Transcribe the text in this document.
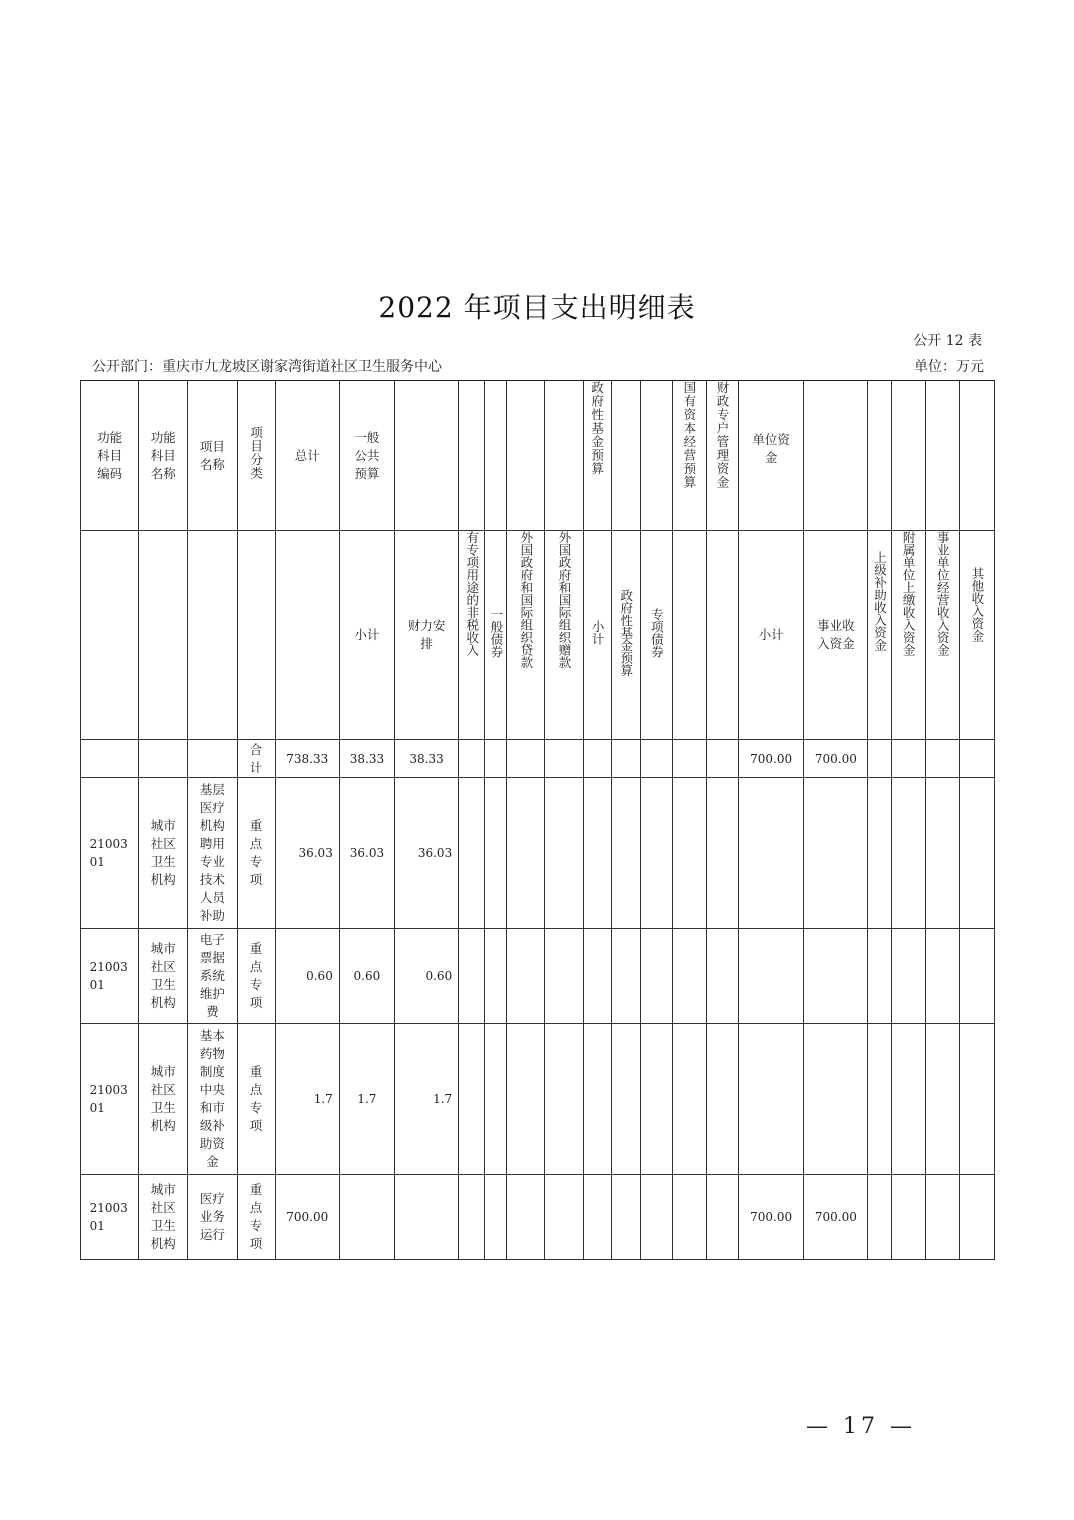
2022 年项目支出明细表
公开 12 表
公开部门：重庆市九龙坡区谢家湾街道社区卫生服务中心	单位：万元
功能科目编码	功能科目名称	项目名称	项目分类	总计	一般公共预算						政府性基金预算			国有资本经营预算	财政专户管理资金	单位资金					
					小计	财力安排	有专项用途的非税收入	一般债券	外国政府和国际组织贷款	外国政府和国际组织赠款	小计	政府性基金预算	专项债券			小计	事业收入资金	上级补助收入资金	附属单位上缴收入资金	事业单位经营收入资金	其他收入资金
			合计	738.33	38.33	38.33										700.00	700.00				
2100301	城市社区卫生机构	基层医疗机构聘用专业技术人员补助	重点专项	36.03	36.03	36.03															
2100301	城市社区卫生机构	电子票据系统维护费	重点专项	0.60	0.60	0.60															
2100301	城市社区卫生机构	基本药物制度中央和市级补助资金	重点专项	1.7	1.7	1.7															
2100301	城市社区卫生机构	医疗业务运行	重点专项	700.00												700.00	700.00				
— 17 —
